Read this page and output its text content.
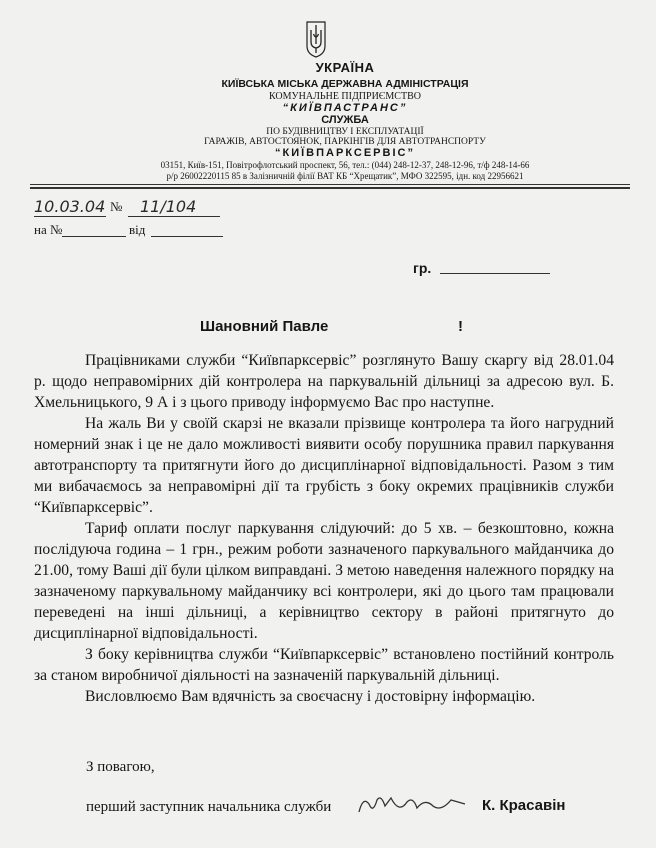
УКРАЇНА
КИЇВСЬКА МІСЬКА ДЕРЖАВНА АДМІНІСТРАЦІЯ
КОМУНАЛЬНЕ ПІДПРИЄМСТВО
“КИЇВПАСТРАНС”
СЛУЖБА
ПО БУДІВНИЦТВУ І ЕКСПЛУАТАЦІЇ
ГАРАЖІВ, АВТОСТОЯНОК, ПАРКІНГІВ ДЛЯ АВТОТРАНСПОРТУ
“КИЇВПАРКСЕРВІС”
03151, Київ-151, Повітрофлотський проспект, 56, тел.: (044) 248-12-37, 248-12-96, т/ф 248-14-66
р/р 26002220115 85 в Залізничній філії ВАТ КБ “Хрещатик”, МФО 322595, ідн. код 22956621
10.03.04 № 11/104
на №	від
гр.
Шановний Павле	!

Працівниками служби “Київпарксервіс” розглянуто Вашу скаргу від 28.01.04 р. щодо неправомірних дій контролера на паркувальній дільниці за адресою вул. Б. Хмельницького, 9 А і з цього приводу інформуємо Вас про наступне.

На жаль Ви у своїй скарзі не вказали прізвище контролера та його нагрудний номерний знак і це не дало можливості виявити особу порушника правил паркування автотранспорту та притягнути його до дисциплінарної відповідальності. Разом з тим ми вибачаємось за неправомірні дії та грубість з боку окремих працівників служби “Київпарксервіс”.

Тариф оплати послуг паркування слідуючий: до 5 хв. – безкоштовно, кожна послідуюча година – 1 грн., режим роботи зазначеного паркувального майданчика до 21.00, тому Ваші дії були цілком виправдані. З метою наведення належного порядку на зазначеному паркувальному майданчику всі контролери, які до цього там працювали переведені на інші дільниці, а керівництво сектору в районі притягнуто до дисциплінарної відповідальності.

З боку керівництва служби “Київпарксервіс” встановлено постійний контроль за станом виробничої діяльності на зазначеній паркувальній дільниці.

Висловлюємо Вам вдячність за своєчасну і достовірну інформацію.

З повагою,
перший заступник начальника служби	К. Красавін
